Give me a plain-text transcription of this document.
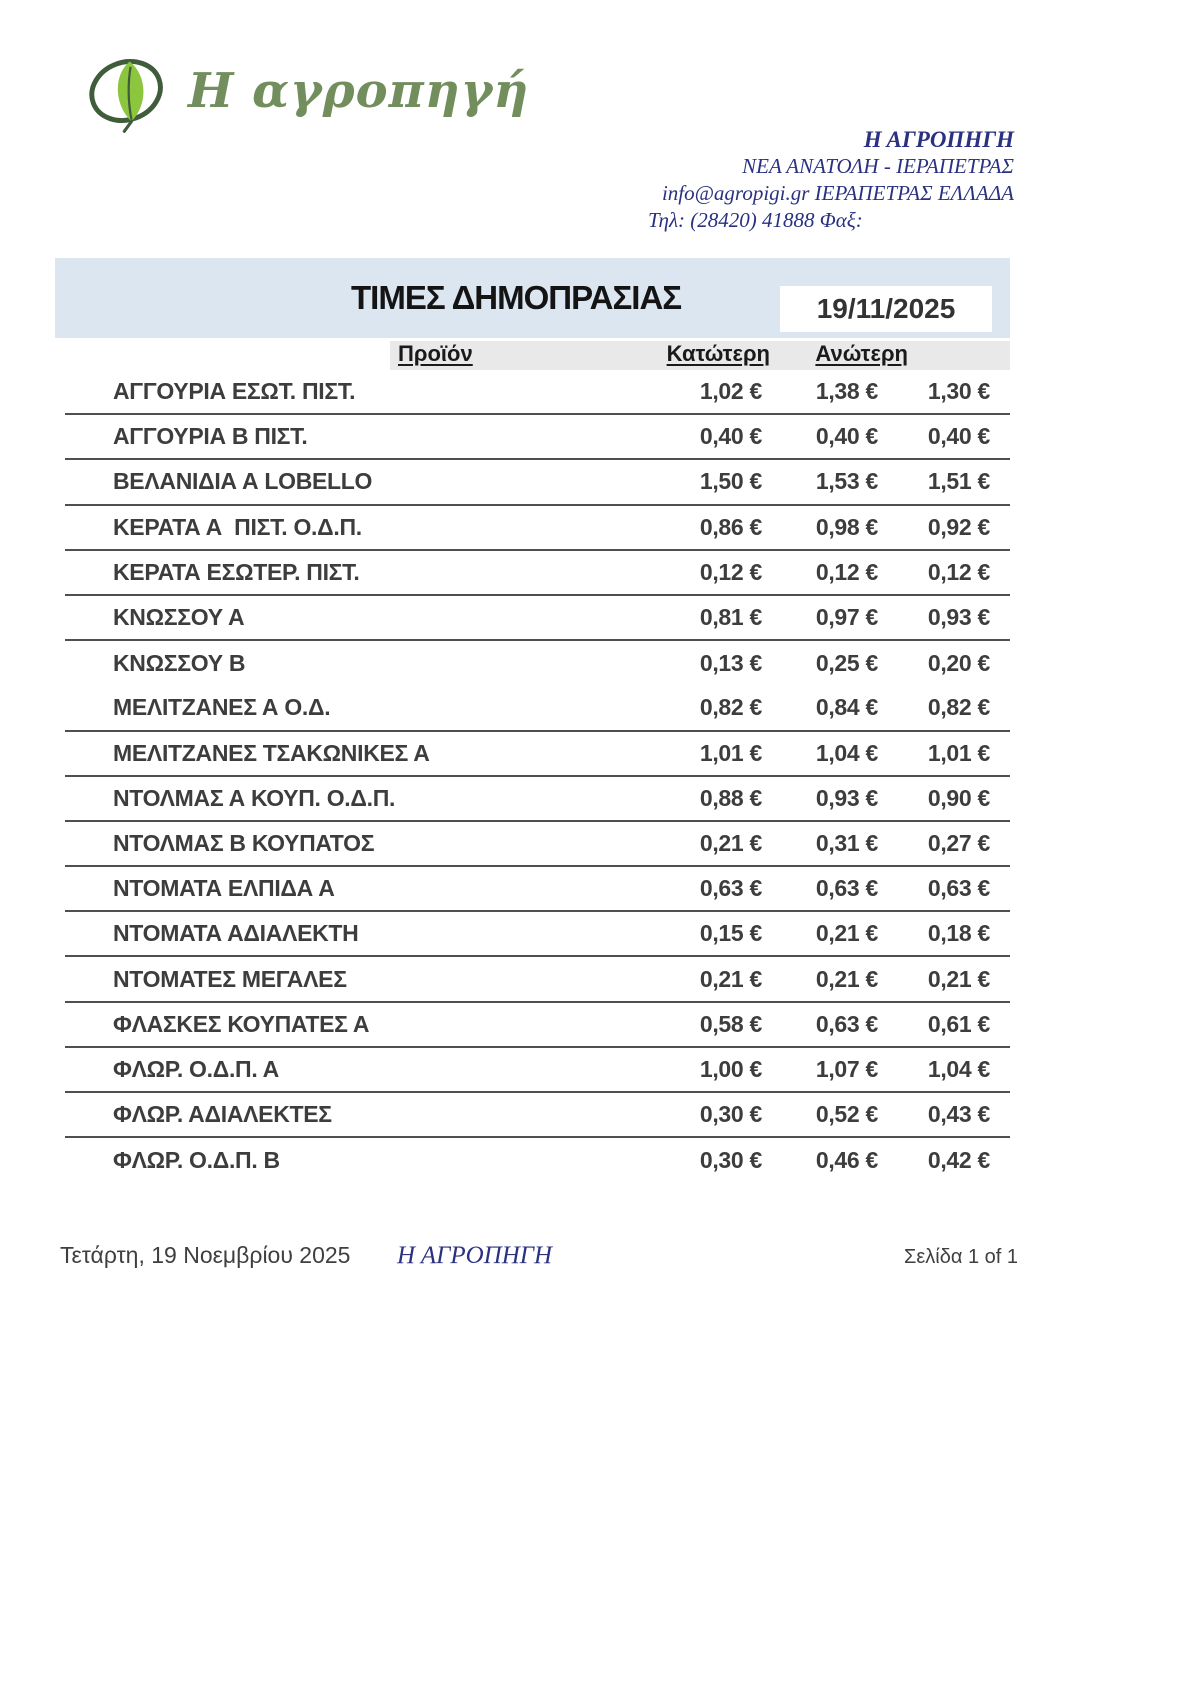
Η αγροπηγή
Η ΑΓΡΟΠΗΓΗ
ΝΕΑ ΑΝΑΤΟΛΗ - ΙΕΡΑΠΕΤΡΑΣ
info@agropigi.gr ΙΕΡΑΠΕΤΡΑΣ ΕΛΛΑΔΑ
Τηλ: (28420) 41888 Φαξ:
ΤΙΜΕΣ ΔΗΜΟΠΡΑΣΙΑΣ	19/11/2025
Προϊόν	Κατώτερη	Ανώτερη
ΑΓΓΟΥΡΙΑ ΕΣΩΤ. ΠΙΣΤ.	1,02 €	1,38 €	1,30 €
ΑΓΓΟΥΡΙΑ Β ΠΙΣΤ.	0,40 €	0,40 €	0,40 €
ΒΕΛΑΝΙΔΙΑ Α LOBELLO	1,50 €	1,53 €	1,51 €
ΚΕΡΑΤΑ Α  ΠΙΣΤ. Ο.Δ.Π.	0,86 €	0,98 €	0,92 €
ΚΕΡΑΤΑ ΕΣΩΤΕΡ. ΠΙΣΤ.	0,12 €	0,12 €	0,12 €
ΚΝΩΣΣΟΥ Α	0,81 €	0,97 €	0,93 €
ΚΝΩΣΣΟΥ Β	0,13 €	0,25 €	0,20 €
ΜΕΛΙΤΖΑΝΕΣ Α Ο.Δ.	0,82 €	0,84 €	0,82 €
ΜΕΛΙΤΖΑΝΕΣ ΤΣΑΚΩΝΙΚΕΣ Α	1,01 €	1,04 €	1,01 €
ΝΤΟΛΜΑΣ Α ΚΟΥΠ. Ο.Δ.Π.	0,88 €	0,93 €	0,90 €
ΝΤΟΛΜΑΣ Β ΚΟΥΠΑΤΟΣ	0,21 €	0,31 €	0,27 €
ΝΤΟΜΑΤΑ ΕΛΠΙΔΑ Α	0,63 €	0,63 €	0,63 €
ΝΤΟΜΑΤΑ ΑΔΙΑΛΕΚΤΗ	0,15 €	0,21 €	0,18 €
ΝΤΟΜΑΤΕΣ ΜΕΓΑΛΕΣ	0,21 €	0,21 €	0,21 €
ΦΛΑΣΚΕΣ ΚΟΥΠΑΤΕΣ Α	0,58 €	0,63 €	0,61 €
ΦΛΩΡ. Ο.Δ.Π. Α	1,00 €	1,07 €	1,04 €
ΦΛΩΡ. ΑΔΙΑΛΕΚΤΕΣ	0,30 €	0,52 €	0,43 €
ΦΛΩΡ. Ο.Δ.Π. Β	0,30 €	0,46 €	0,42 €
Τετάρτη, 19 Νοεμβρίου 2025 Η ΑΓΡΟΠΗΓΗ	Σελίδα 1 of 1
